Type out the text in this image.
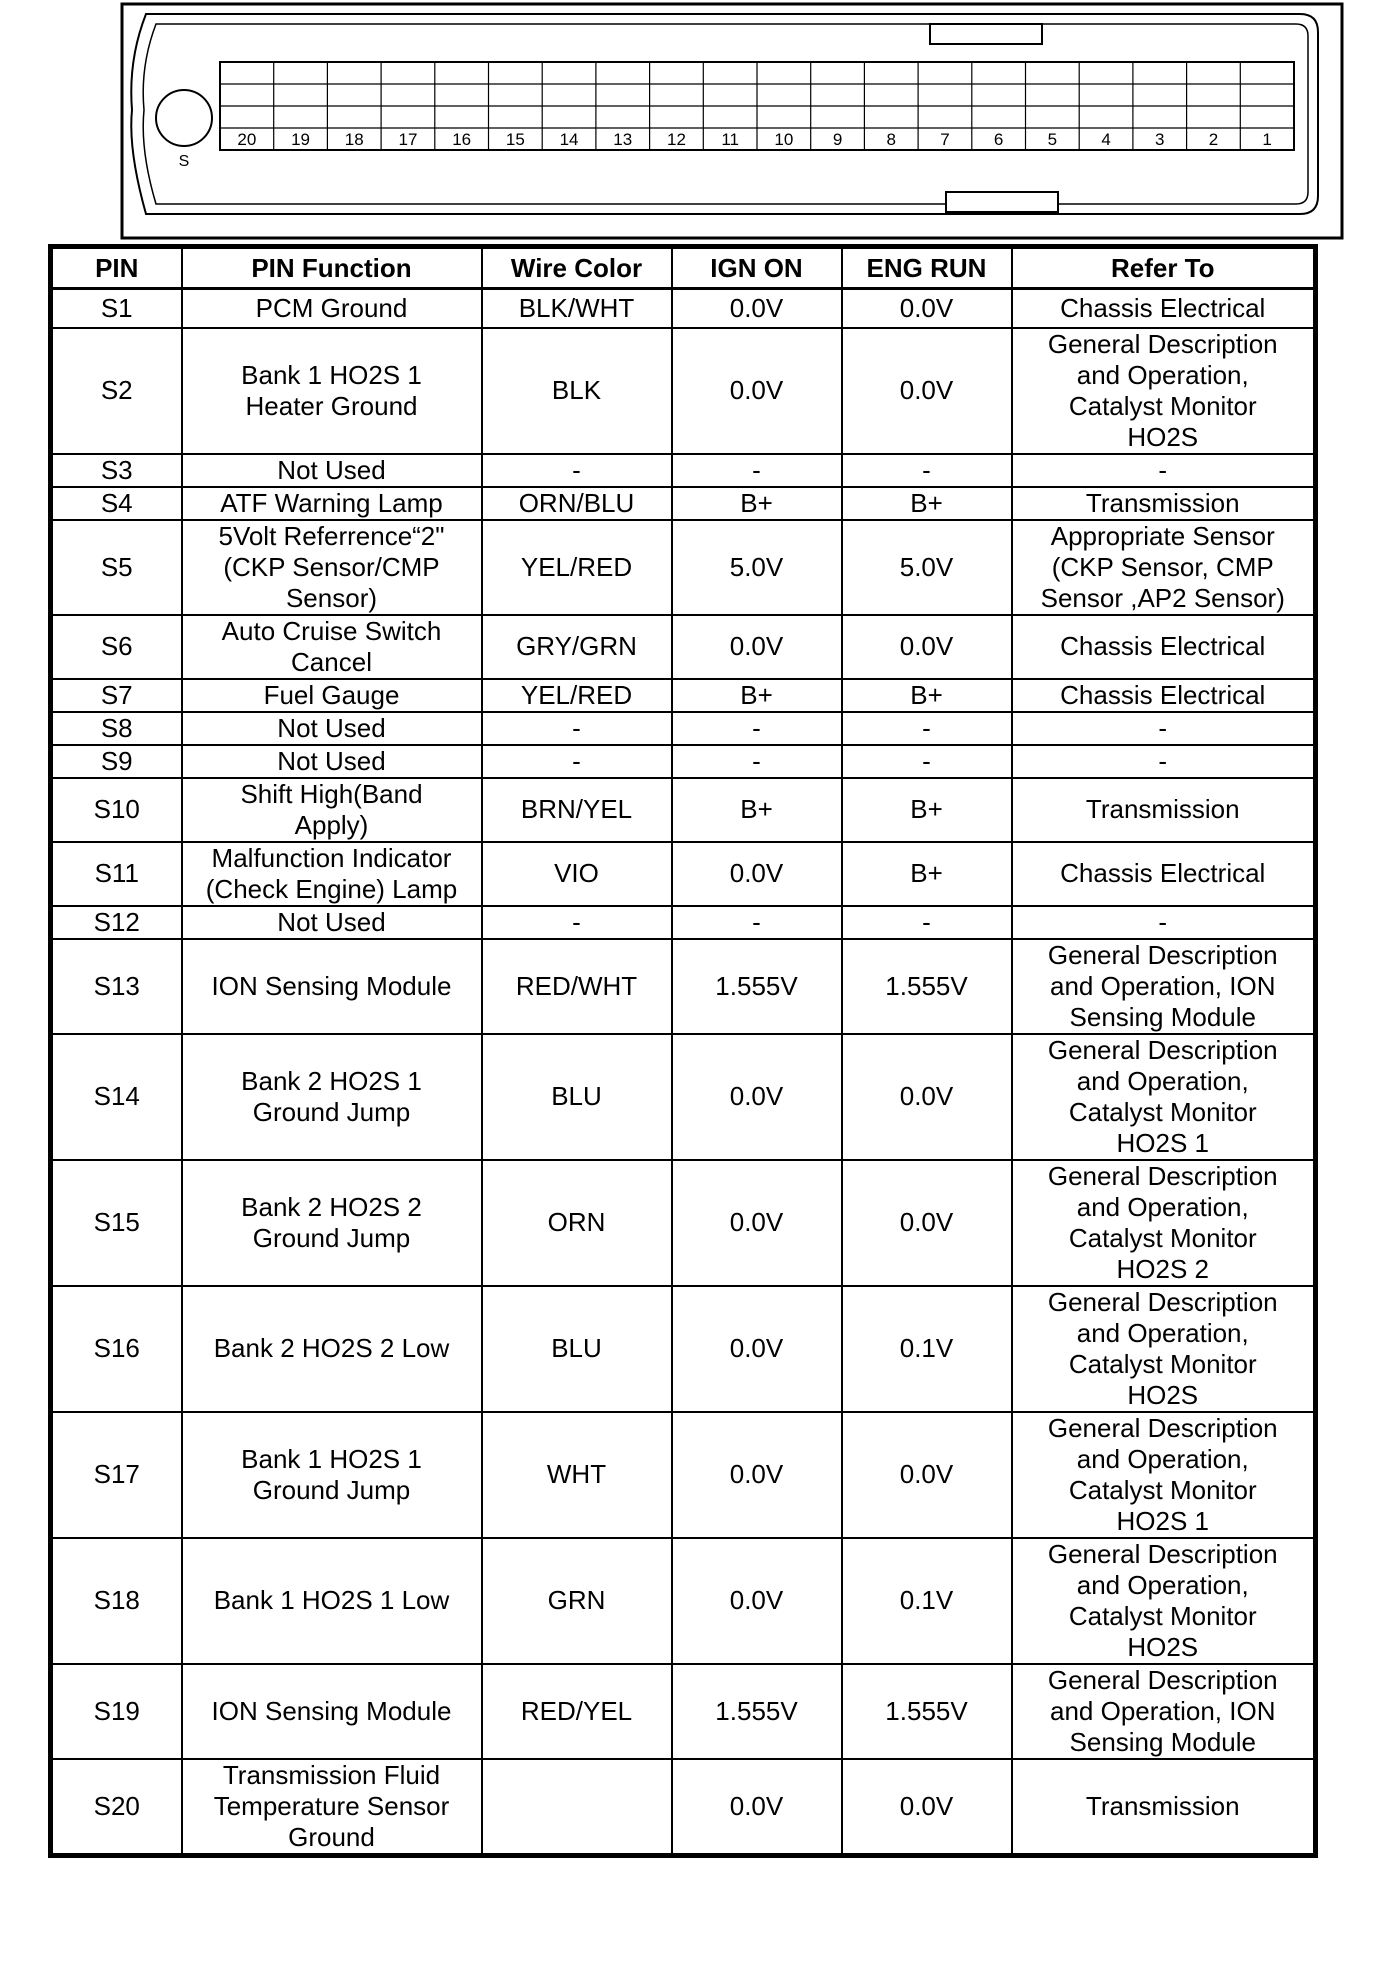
S
20 19 18 17 16 15 14 13 12 11 10 9	8	7	6	5	4	3	2	1
PIN	PIN Function	Wire Color	IGN ON	ENG RUN	Refer To
S1	PCM Ground	BLK/WHT	0.0V	0.0V	Chassis Electrical

S2	Bank 1 HO2S 1
Heater Ground	BLK	0.0V	0.0V	General Description
and Operation,
Catalyst Monitor
HO2S

S3	Not Used	-	-	-	-

S4	ATF Warning Lamp	ORN/BLU	B+	B+	Transmission

S5	5Volt Referrence“2"
(CKP Sensor/CMP
Sensor)	YEL/RED	5.0V	5.0V	Appropriate Sensor
(CKP Sensor, CMP
Sensor ,AP2 Sensor)

S6	Auto Cruise Switch
Cancel	GRY/GRN	0.0V	0.0V	Chassis Electrical

S7	Fuel Gauge	YEL/RED	B+	B+	Chassis Electrical

S8	Not Used	-	-	-	-

S9	Not Used	-	-	-	-

S10	Shift High(Band
Apply)	BRN/YEL	B+	B+	Transmission

S11	Malfunction Indicator
(Check Engine) Lamp	VIO	0.0V	B+	Chassis Electrical

S12	Not Used	-	-	-	-

S13	ION Sensing Module	RED/WHT	1.555V	1.555V	General Description
and Operation, ION
Sensing Module

S14	Bank 2 HO2S 1
Ground Jump	BLU	0.0V	0.0V	General Description
and Operation,
Catalyst Monitor
HO2S 1

S15	Bank 2 HO2S 2
Ground Jump	ORN	0.0V	0.0V	General Description
and Operation,
Catalyst Monitor
HO2S 2

S16	Bank 2 HO2S 2 Low	BLU	0.0V	0.1V	General Description
and Operation,
Catalyst Monitor
HO2S

S17	Bank 1 HO2S 1
Ground Jump	WHT	0.0V	0.0V	General Description
and Operation,
Catalyst Monitor
HO2S 1

S18	Bank 1 HO2S 1 Low	GRN	0.0V	0.1V	General Description
and Operation,
Catalyst Monitor
HO2S

S19	ION Sensing Module	RED/YEL	1.555V	1.555V	General Description
and Operation, ION
Sensing Module

S20	Transmission Fluid
Temperature Sensor
Ground		0.0V	0.0V	Transmission
